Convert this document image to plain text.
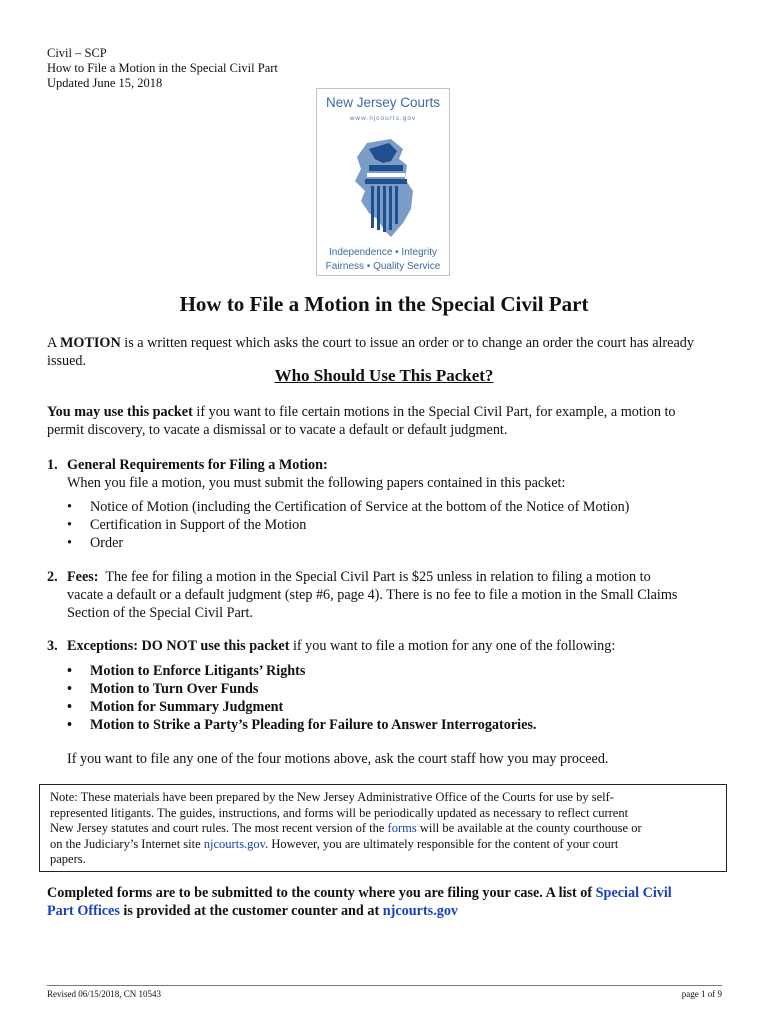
Civil – SCP
How to File a Motion in the Special Civil Part
Updated June 15, 2018
New Jersey Courts
www.njcourts.gov
Independence • Integrity
Fairness • Quality Service
How to File a Motion in the Special Civil Part
A MOTION is a written request which asks the court to issue an order or to change an order the court has already issued.
Who Should Use This Packet?
You may use this packet if you want to file certain motions in the Special Civil Part, for example, a motion to
permit discovery, to vacate a dismissal or to vacate a default or default judgment.
1. General Requirements for Filing a Motion:
When you file a motion, you must submit the following papers contained in this packet:
• Notice of Motion (including the Certification of Service at the bottom of the Notice of Motion)
• Certification in Support of the Motion
• Order
2. Fees: The fee for filing a motion in the Special Civil Part is $25 unless in relation to filing a motion to
vacate a default or a default judgment (step #6, page 4). There is no fee to file a motion in the Small Claims
Section of the Special Civil Part.
3. Exceptions: DO NOT use this packet if you want to file a motion for any one of the following:
• Motion to Enforce Litigants’ Rights
• Motion to Turn Over Funds
• Motion for Summary Judgment
• Motion to Strike a Party’s Pleading for Failure to Answer Interrogatories.
If you want to file any one of the four motions above, ask the court staff how you may proceed.
Note: These materials have been prepared by the New Jersey Administrative Office of the Courts for use by self-
represented litigants. The guides, instructions, and forms will be periodically updated as necessary to reflect current
New Jersey statutes and court rules. The most recent version of the forms will be available at the county courthouse or
on the Judiciary’s Internet site njcourts.gov. However, you are ultimately responsible for the content of your court
papers.
Completed forms are to be submitted to the county where you are filing your case. A list of Special Civil
Part Offices is provided at the customer counter and at njcourts.gov
Revised 06/15/2018, CN 10543	page 1 of 9
